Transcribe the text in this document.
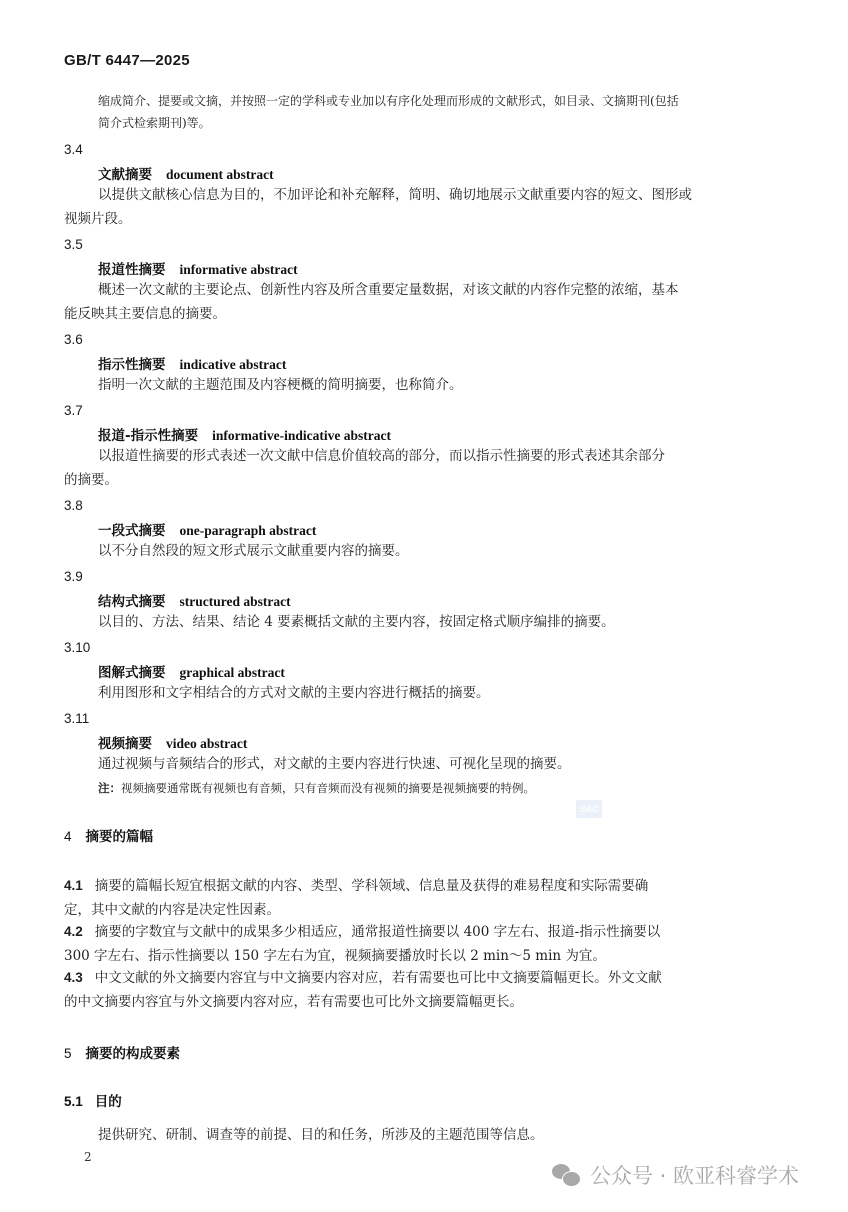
GB/T 6447—2025
缩成简介、提要或文摘，并按照一定的学科或专业加以有序化处理而形成的文献形式，如目录、文摘期刊(包括
简介式检索期刊)等。
3.4
文献摘要 document abstract
以提供文献核心信息为目的，不加评论和补充解释，简明、确切地展示文献重要内容的短文、图形或
视频片段。
3.5
报道性摘要 informative abstract
概述一次文献的主要论点、创新性内容及所含重要定量数据，对该文献的内容作完整的浓缩，基本
能反映其主要信息的摘要。
3.6
指示性摘要 indicative abstract
指明一次文献的主题范围及内容梗概的简明摘要，也称简介。
3.7
报道-指示性摘要 informative-indicative abstract
以报道性摘要的形式表述一次文献中信息价值较高的部分，而以指示性摘要的形式表述其余部分
的摘要。
3.8
一段式摘要 one-paragraph abstract
以不分自然段的短文形式展示文献重要内容的摘要。
3.9
结构式摘要 structured abstract
以目的、方法、结果、结论 4 要素概括文献的主要内容，按固定格式顺序编排的摘要。
3.10
图解式摘要 graphical abstract
利用图形和文字相结合的方式对文献的主要内容进行概括的摘要。
3.11
视频摘要 video abstract
通过视频与音频结合的形式，对文献的主要内容进行快速、可视化呈现的摘要。
注：视频摘要通常既有视频也有音频，只有音频而没有视频的摘要是视频摘要的特例。
SAC
4 摘要的篇幅
4.1 摘要的篇幅长短宜根据文献的内容、类型、学科领域、信息量及获得的难易程度和实际需要确
定，其中文献的内容是决定性因素。
4.2 摘要的字数宜与文献中的成果多少相适应，通常报道性摘要以 400 字左右、报道-指示性摘要以
300 字左右、指示性摘要以 150 字左右为宜，视频摘要播放时长以 2 min～5 min 为宜。
4.3 中文文献的外文摘要内容宜与中文摘要内容对应，若有需要也可比中文摘要篇幅更长。外文文献
的中文摘要内容宜与外文摘要内容对应，若有需要也可比外文摘要篇幅更长。
5 摘要的构成要素
5.1 目的
提供研究、研制、调查等的前提、目的和任务，所涉及的主题范围等信息。
2
公众号 · 欧亚科睿学术
